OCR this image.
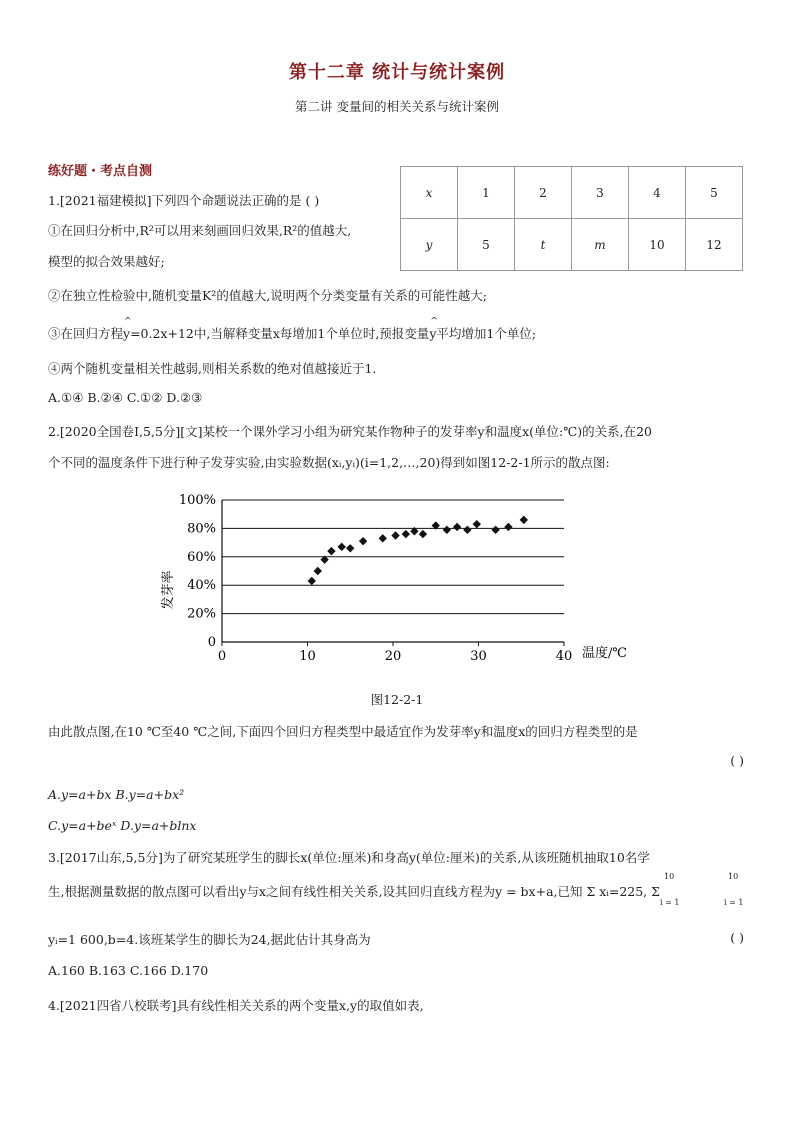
第十二章 统计与统计案例
第二讲 变量间的相关关系与统计案例
练好题・考点自测
1.[2021福建模拟]下列四个命题说法正确的是 ( )
①在回归分析中,R²可以用来刻画回归效果,R²的值越大,
模型的拟合效果越好;
②在独立性检验中,随机变量K²的值越大,说明两个分类变量有关系的可能性越大;
③在回归方程^ y=0.2x+12中,当解释变量x每增加1个单位时,预报变量^ y平均增加1个单位;
④两个随机变量相关性越弱,则相关系数的绝对值越接近于1.
A.①④ B.②④ C.①② D.②③
x	1	2	3	4	5
y	5	t	m	10	12
2.[2020全国卷Ⅰ,5,5分][文]某校一个课外学习小组为研究某作物种子的发芽率y和温度x(单位:℃)的关系,在20
个不同的温度条件下进行种子发芽实验,由实验数据(xᵢ,yᵢ)(i=1,2,…,20)得到如图12-2-1所示的散点图:
0
20%
40%
60%
80%
100%
0	10	20	30	40
发芽率
温度/℃
图12-2-1
由此散点图,在10 ℃至40 ℃之间,下面四个回归方程类型中最适宜作为发芽率y和温度x的回归方程类型的是
( )
A.y=a+bx B.y=a+bx²
C.y=a+beˣ D.y=a+blnx
3.[2017山东,5,5分]为了研究某班学生的脚长x(单位:厘米)和身高y(单位:厘米)的关系,从该班随机抽取10名学
生,根据测量数据的散点图可以看出y与x之间有线性相关关系,设其回归直线方程为y = bx+a,已知 Σ xᵢ=225, Σ
10
i = 1
10
i = 1
yᵢ=1 600,b=4.该班某学生的脚长为24,据此估计其身高为	( )
A.160 B.163 C.166 D.170
4.[2021四省八校联考]具有线性相关关系的两个变量x,y的取值如表,
